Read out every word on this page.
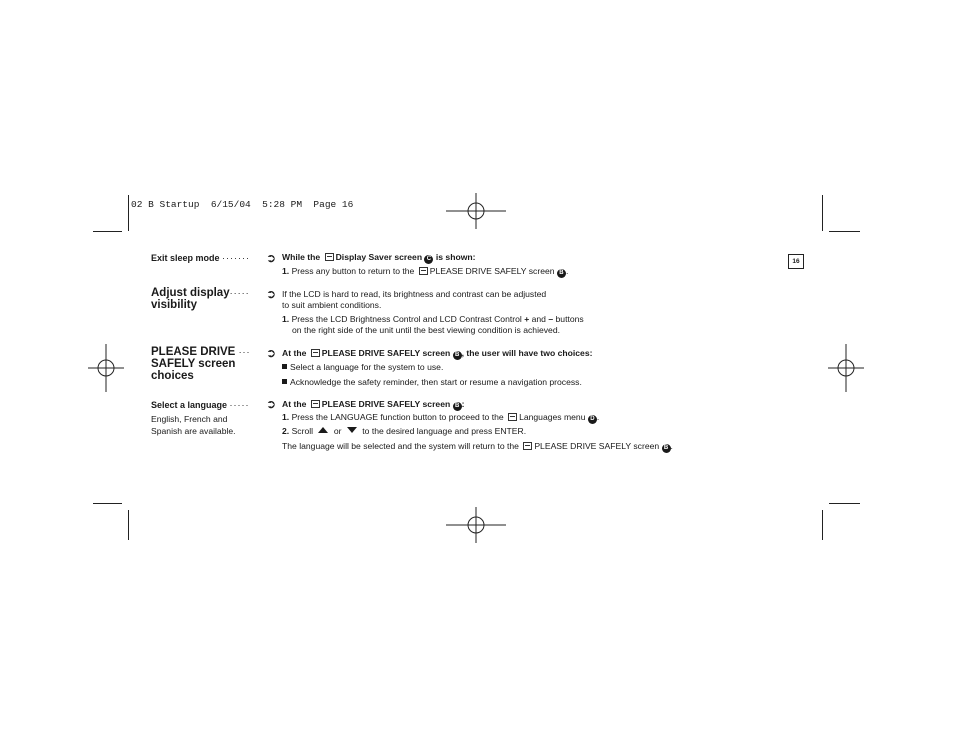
02 B Startup  6/15/04  5:28 PM  Page 16
16
Exit sleep mode ······· ➲ While the Display Saver screen C is shown:
1. Press any button to return to the PLEASE DRIVE SAFELY screen B .
Adjust display·····
visibility
➲ If the LCD is hard to read, its brightness and contrast can be adjusted
to suit ambient conditions.
1. Press the LCD Brightness Control and LCD Contrast Control + and – buttons
on the right side of the unit until the best viewing condition is achieved.
PLEASE DRIVE ···
SAFELY screen
choices
➲ At the PLEASE DRIVE SAFELY screen B , the user will have two choices:
Select a language for the system to use.
Acknowledge the safety reminder, then start or resume a navigation process.
Select a language ·····
English, French and
Spanish are available.
➲ At the PLEASE DRIVE SAFELY screen B :
1. Press the LANGUAGE function button to proceed to the Languages menu D .
2. Scroll or to the desired language and press ENTER.
The language will be selected and the system will return to the PLEASE DRIVE SAFELY screen B .
